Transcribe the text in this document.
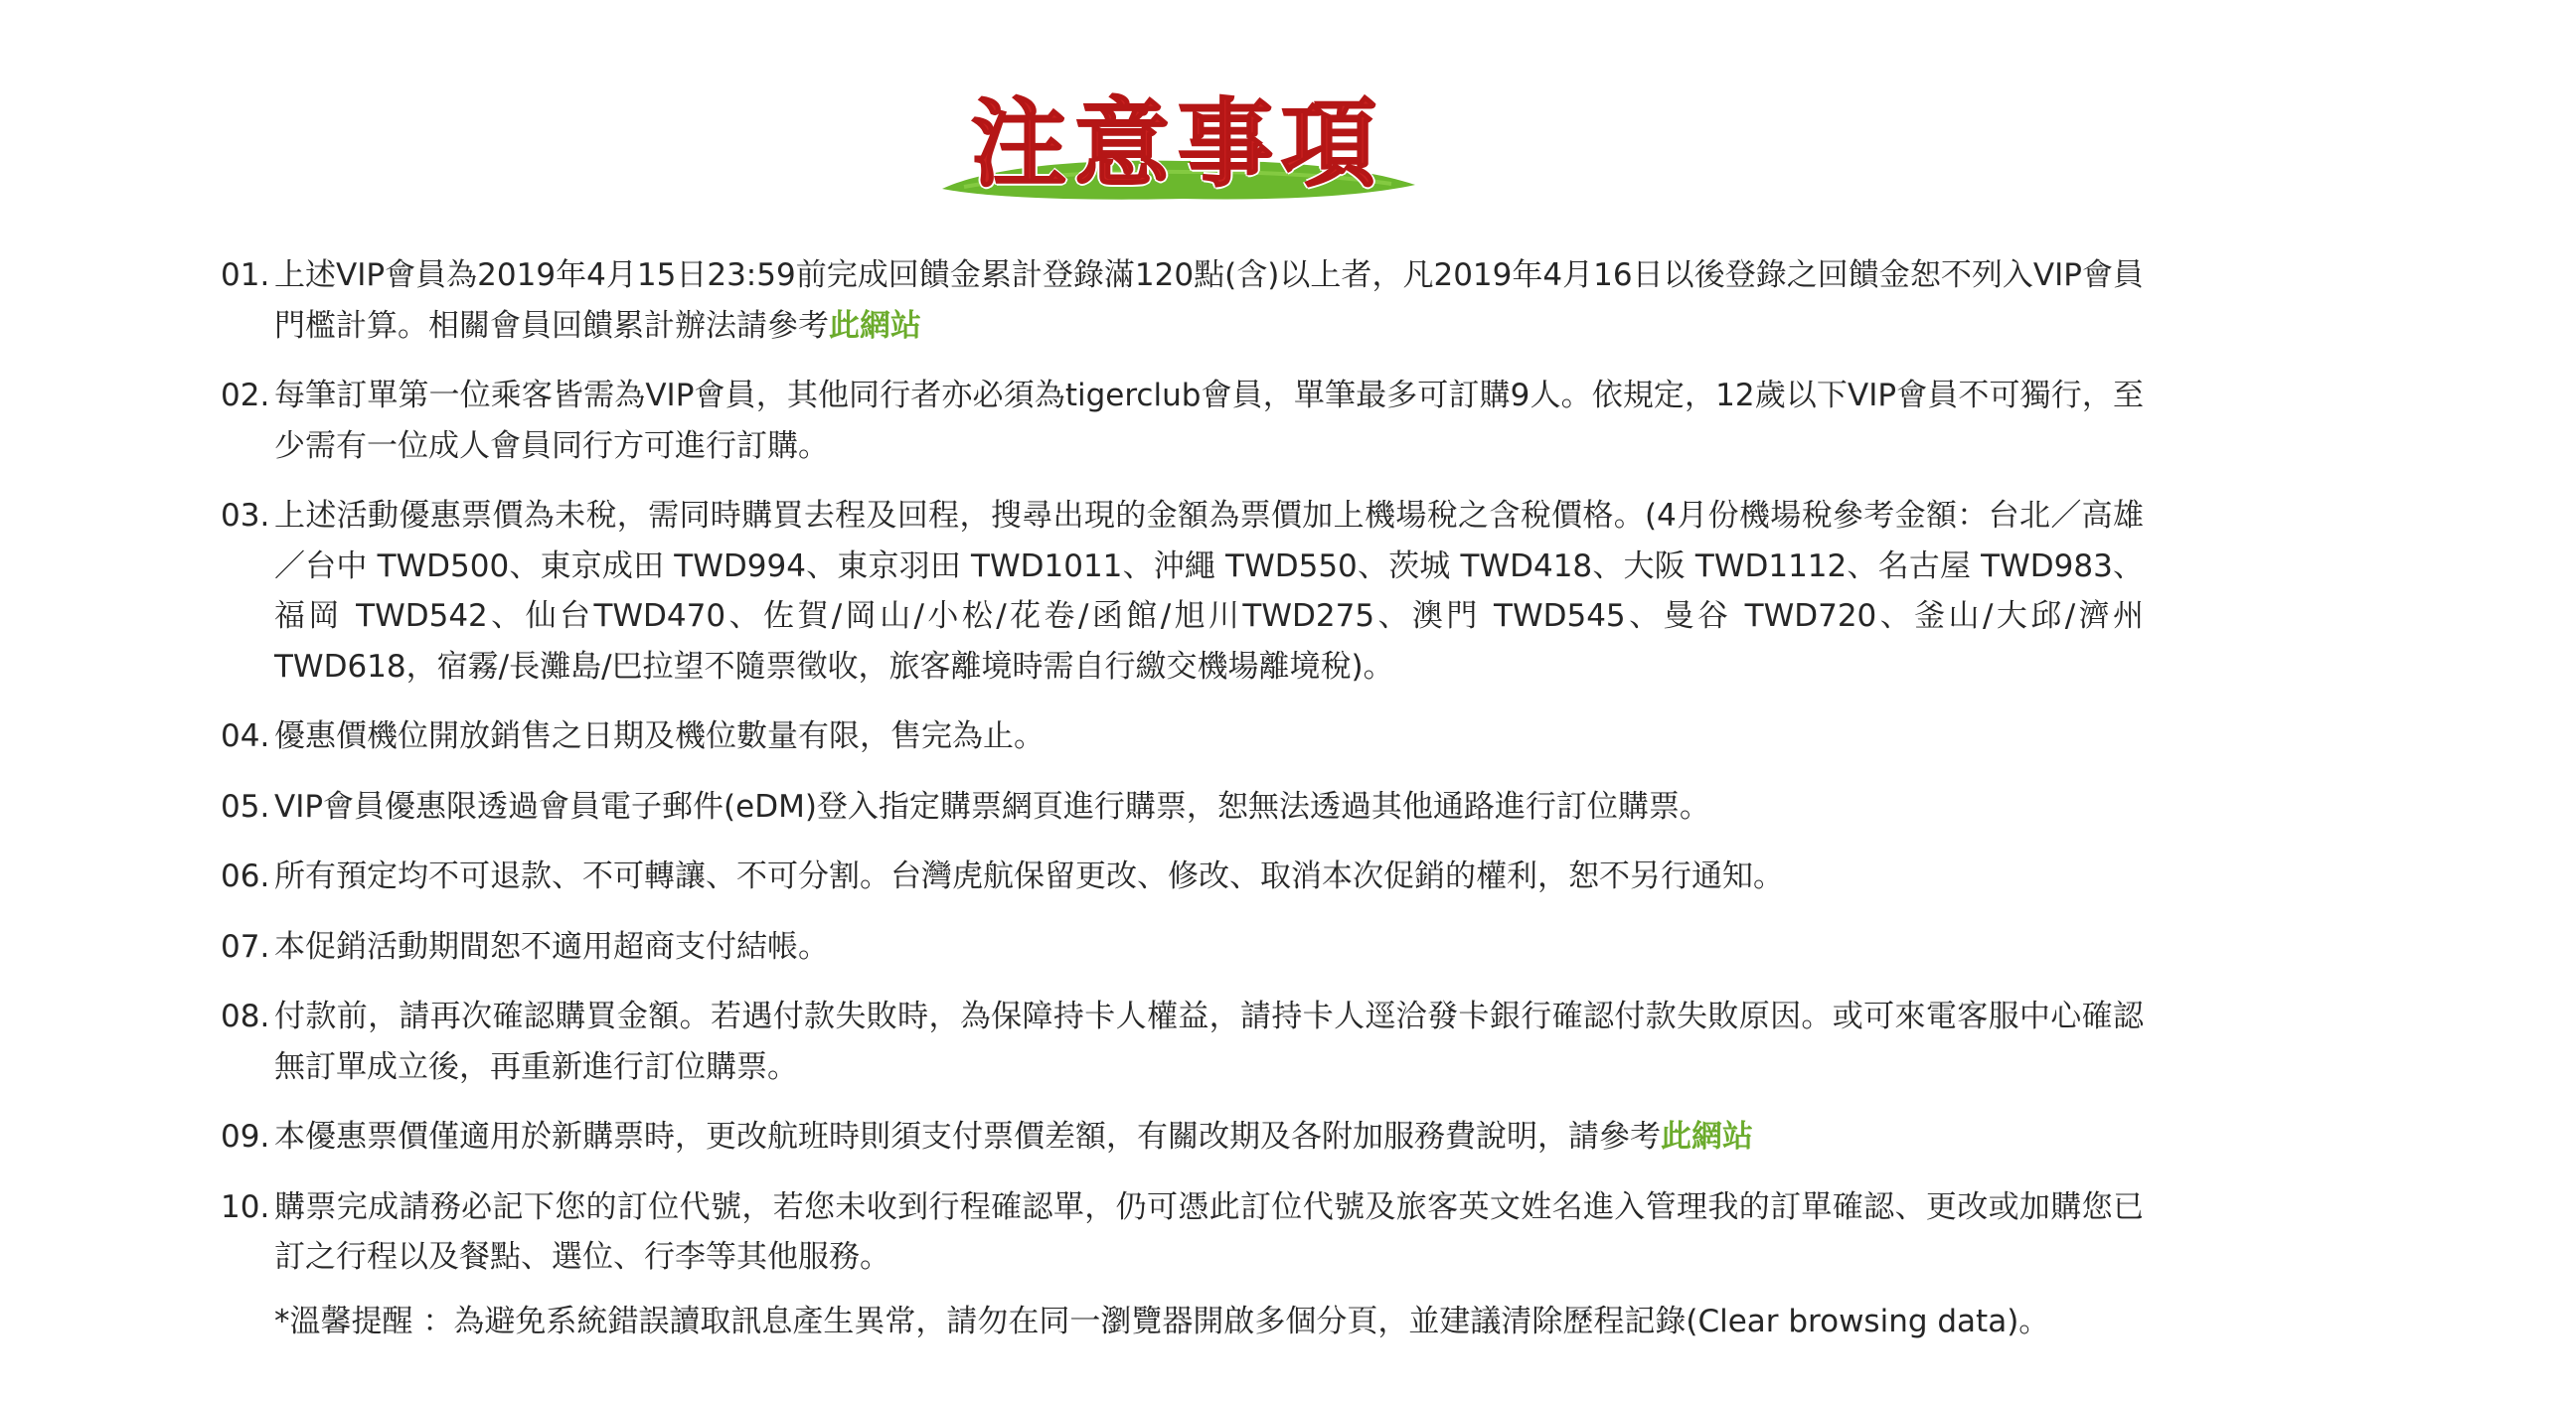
注意事項
01. 上述VIP會員為2019年4月15日23:59前完成回饋金累計登錄滿120點(含)以上者，凡2019年4月16日以後登錄之回饋金恕不列入VIP會員門檻計算。相關會員回饋累計辦法請參考此網站
02. 每筆訂單第一位乘客皆需為VIP會員，其他同行者亦必須為tigerclub會員，單筆最多可訂購9人。依規定，12歲以下VIP會員不可獨行，至少需有一位成人會員同行方可進行訂購。
03. 上述活動優惠票價為未稅，需同時購買去程及回程，搜尋出現的金額為票價加上機場稅之含稅價格。(4月份機場稅參考金額：台北／高雄／台中 TWD500、東京成田 TWD994、東京羽田 TWD1011、沖繩 TWD550、茨城 TWD418、大阪 TWD1112、名古屋 TWD983、福岡 TWD542、仙台TWD470、佐賀/岡山/小松/花卷/函館/旭川TWD275、澳門 TWD545、曼谷 TWD720、釜山/大邱/濟州 TWD618，宿霧/長灘島/巴拉望不隨票徵收，旅客離境時需自行繳交機場離境稅)。
04. 優惠價機位開放銷售之日期及機位數量有限，售完為止。
05. VIP會員優惠限透過會員電子郵件(eDM)登入指定購票網頁進行購票，恕無法透過其他通路進行訂位購票。
06. 所有預定均不可退款、不可轉讓、不可分割。台灣虎航保留更改、修改、取消本次促銷的權利，恕不另行通知。
07. 本促銷活動期間恕不適用超商支付結帳。
08. 付款前，請再次確認購買金額。若遇付款失敗時，為保障持卡人權益，請持卡人逕洽發卡銀行確認付款失敗原因。或可來電客服中心確認無訂單成立後，再重新進行訂位購票。
09. 本優惠票價僅適用於新購票時，更改航班時則須支付票價差額，有關改期及各附加服務費說明，請參考此網站
10. 購票完成請務必記下您的訂位代號，若您未收到行程確認單，仍可憑此訂位代號及旅客英文姓名進入管理我的訂單確認、更改或加購您已訂之行程以及餐點、選位、行李等其他服務。
*溫馨提醒 ：為避免系統錯誤讀取訊息產生異常，請勿在同一瀏覽器開啟多個分頁，並建議清除歷程記錄(Clear browsing data)。
